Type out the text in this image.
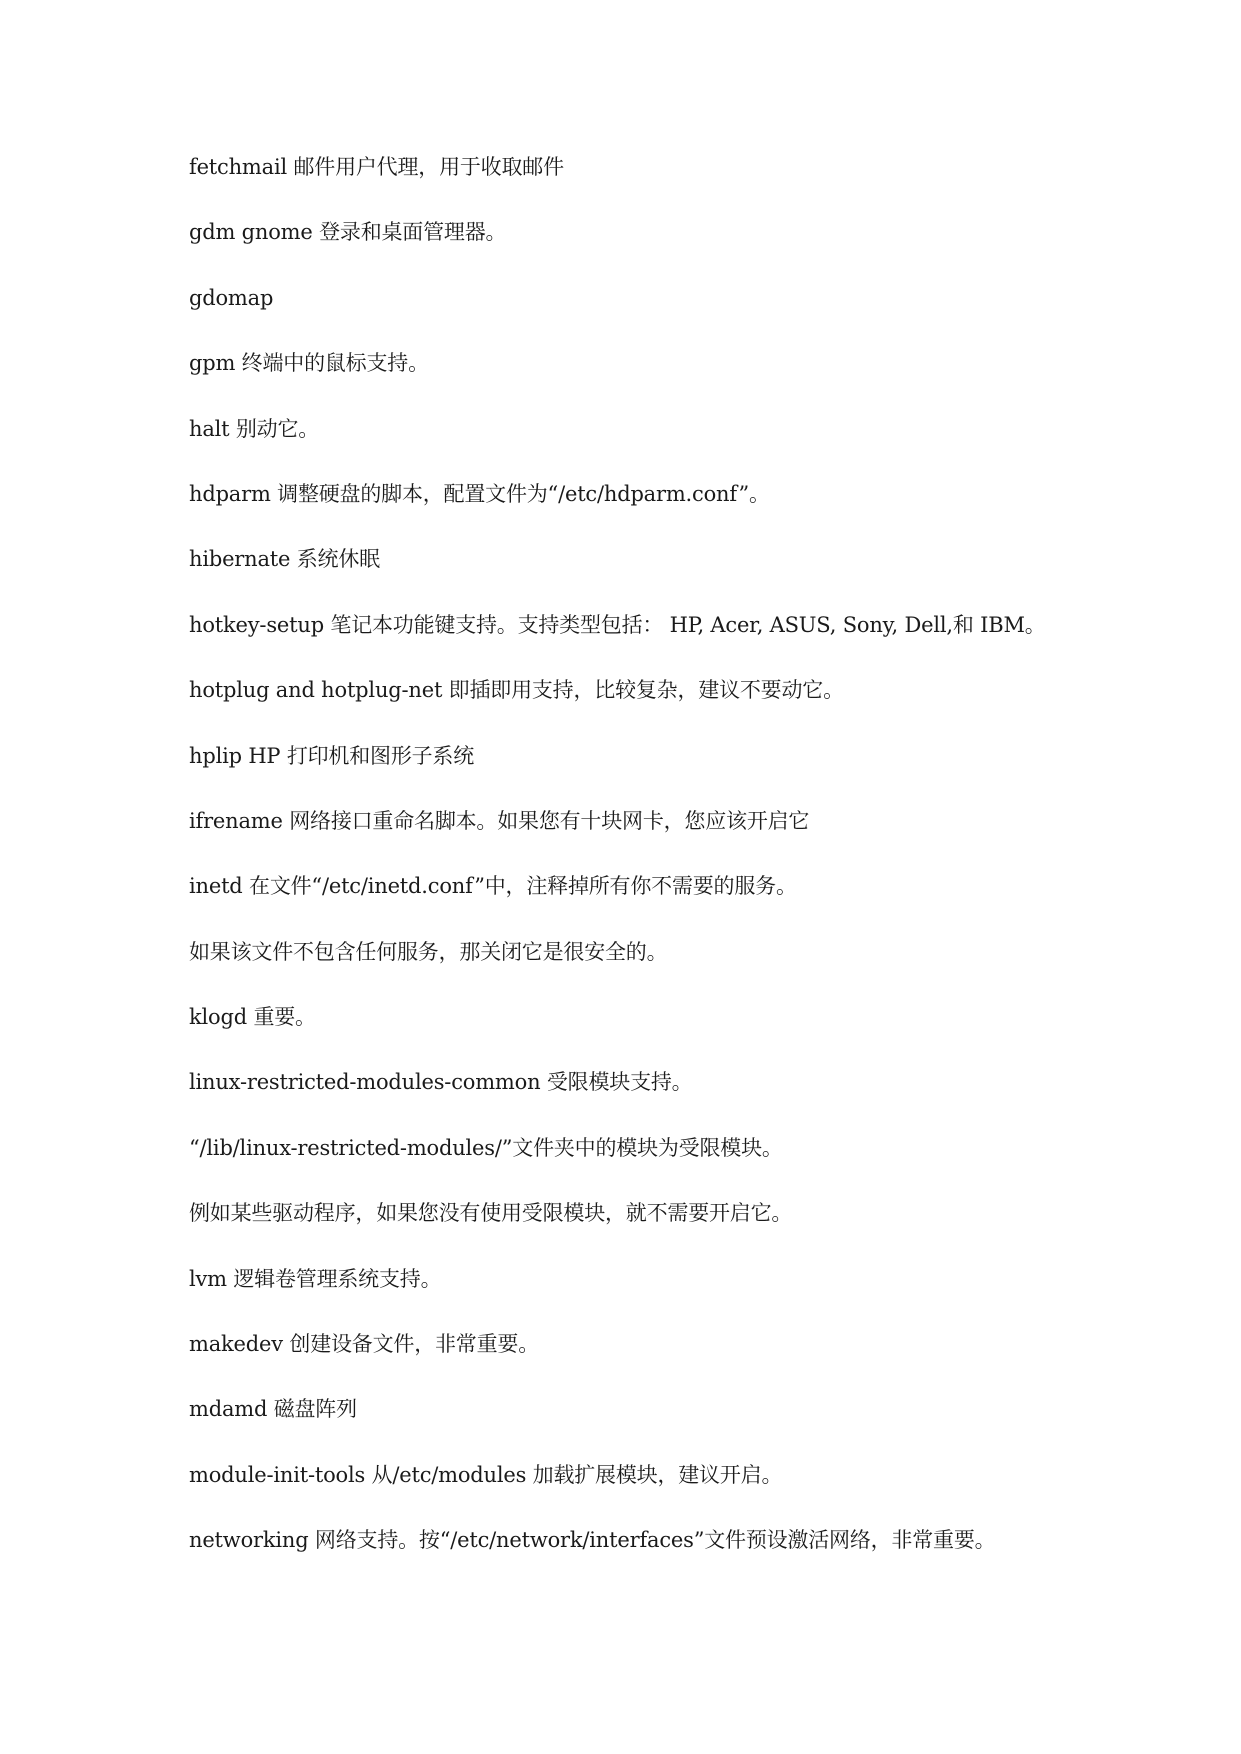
fetchmail 邮件用户代理，用于收取邮件
gdm gnome 登录和桌面管理器。
gdomap
gpm 终端中的鼠标支持。
halt 别动它。
hdparm 调整硬盘的脚本，配置文件为“/etc/hdparm.conf”。
hibernate 系统休眠
hotkey-setup 笔记本功能键支持。支持类型包括： HP, Acer, ASUS, Sony, Dell,和 IBM。
hotplug and hotplug-net 即插即用支持，比较复杂，建议不要动它。
hplip HP 打印机和图形子系统
ifrename 网络接口重命名脚本。如果您有十块网卡，您应该开启它
inetd 在文件“/etc/inetd.conf”中，注释掉所有你不需要的服务。
如果该文件不包含任何服务，那关闭它是很安全的。
klogd 重要。
linux-restricted-modules-common 受限模块支持。
“/lib/linux-restricted-modules/”文件夹中的模块为受限模块。
例如某些驱动程序，如果您没有使用受限模块，就不需要开启它。
lvm 逻辑卷管理系统支持。
makedev 创建设备文件，非常重要。
mdamd 磁盘阵列
module-init-tools 从/etc/modules 加载扩展模块，建议开启。
networking 网络支持。按“/etc/network/interfaces”文件预设激活网络，非常重要。
